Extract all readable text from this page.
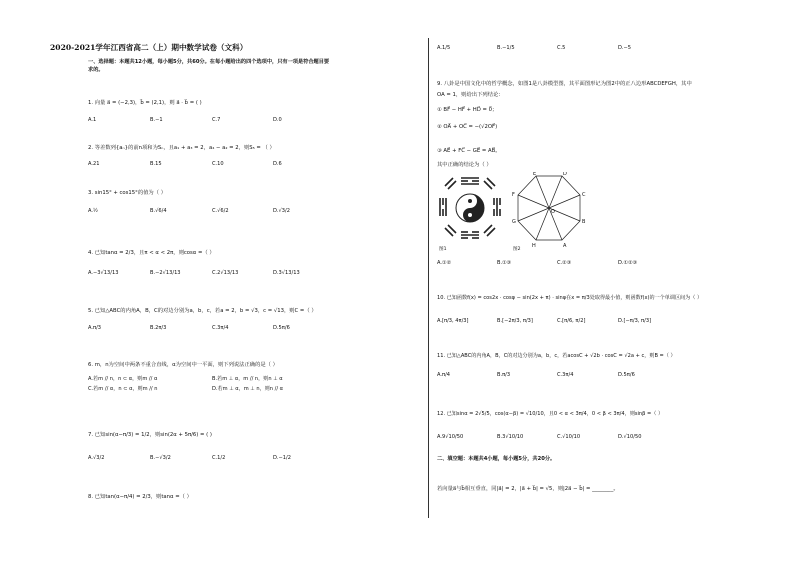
2020-2021学年江西省高二（上）期中数学试卷（文科）
一、选择题：本题共12小题，每小题5分，共60分。在每小题给出的四个选项中，只有一项是符合题目要
求的。
1. 向量 a⃗ = (−2,3)，b⃗ = (2,1)，则 a⃗ · b⃗ = ( )
A.1	B.−1	C.7	D.0
2. 等差数列{aₙ}的前n项和为Sₙ，且a₁ + a₃ = 2，a₄ − a₂ = 2，则S₅ = （ ）
A.21	B.15	C.10	D.6
3. sin15° + cos15°的值为（ ）
A.½	B.√6/4	C.√6/2	D.√3/2
4. 已知tanα = 2/3，且π < α < 2π，则cosα =（ ）
A.−3√13/13	B.−2√13/13	C.2√13/13	D.3√13/13
5. 已知△ABC的内角A，B，C的对边分别为a，b，c，若a = 2，b = √3，c = √13，则C =（ ）
A.π/3	B.2π/3	C.3π/4	D.5π/6
6. m，n为空间中两条不重合直线，α为空间中一平面，则下列说法正确的是（ ）
A.若m // n，n ⊂ α，则m // α	B.若m ⊥ α，m // n，则n ⊥ α
C.若m // α，n ⊂ α，则m // n	D.若m ⊥ α，m ⊥ n，则n // α
7. 已知sin(α−π/3) = 1/2，则sin(2α + 5π/6) = ( )
A.√3/2	B.−√3/2	C.1/2	D.−1/2
8. 已知tan(α−π/4) = 2/3，则tanα =（ ）
A.1/5	B.−1/5	C.5	D.−5
9. 八卦是中国文化中的哲学概念，如图1是八卦模型图，其平面图形记为图2中的正八边形ABCDEFGH，其中
OA = 1，则给出下列结论：
① BF⃗ − HF⃗ + HD⃗ = 0⃗；
② OA⃗ + OC⃗ = −(√2OF⃗)
③ AE⃗ + FC⃗ − GE⃗ = AB⃗。
其中正确的结论为（ ）
图1
E	D
C
B
A
H
G
F
O
图2
A.①②	B.①③	C.②③	D.①②③
10. 已知函数f(x) = cos2x · cosφ − sin(2x + π) · sinφ在x = π/3处取得最小值，则函数f(x)的一个单调区间为（ ）
A.[π/3, 4π/3]	B.[−2π/3, π/3]	C.[π/6, π/2]	D.[−π/3, π/3]
11. 已知△ABC的内角A，B，C的对边分别为a，b，c，若acosC + √2b · cosC = √2a + c，则B =（ ）
A.π/4	B.π/3	C.3π/4	D.5π/6
12. 已知sinα = 2√5/5，cos(α−β) = √10/10，且0 < α < 3π/4，0 < β < 3π/4，则sinβ =（ ）
A.9√10/50	B.3√10/10	C.√10/10	D.√10/50
二、填空题：本题共4小题，每小题5分，共20分。
若向量a⃗与b⃗相互垂直，同|a⃗| = 2，|a⃗ + b⃗| = √5，则|2a⃗ − b⃗| = ________。
